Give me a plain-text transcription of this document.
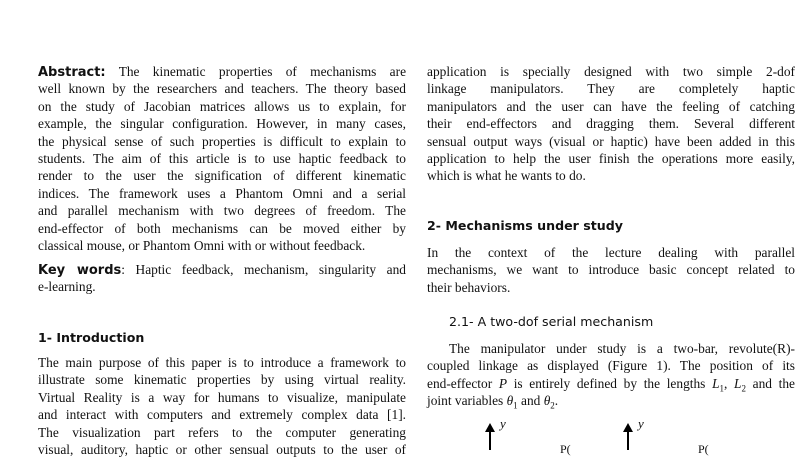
Abstract: The kinematic properties of mechanisms are
well known by the researchers and teachers. The theory based
on the study of Jacobian matrices allows us to explain, for
example, the singular configuration. However, in many cases,
the physical sense of such properties is difficult to explain to
students. The aim of this article is to use haptic feedback to
render to the user the signification of different kinematic
indices. The framework uses a Phantom Omni and a serial
and parallel mechanism with two degrees of freedom. The
end-effector of both mechanisms can be moved either by
classical mouse, or Phantom Omni with or without feedback.
Key words: Haptic feedback, mechanism, singularity and
e-learning.
1- Introduction
The main purpose of this paper is to introduce a framework to
illustrate some kinematic properties by using virtual reality.
Virtual Reality is a way for humans to visualize, manipulate
and interact with computers and extremely complex data [1].
The visualization part refers to the computer generating
visual, auditory, haptic or other sensual outputs to the user of
application is specially designed with two simple 2-dof
linkage manipulators. They are completely haptic
manipulators and the user can have the feeling of catching
their end-effectors and dragging them. Several different
sensual output ways (visual or haptic) have been added in this
application to help the user finish the operations more easily,
which is what he wants to do.
2- Mechanisms under study
In the context of the lecture dealing with parallel
mechanisms, we want to introduce basic concept related to
their behaviors.
2.1- A two-dof serial mechanism
The manipulator under study is a two-bar, revolute(R)-
coupled linkage as displayed (Figure 1). The position of its
end-effector P is entirely defined by the lengths $L_1$, $L_2$ and the
joint variables $\theta_1$ and $\theta_2$.
y	y
P(	P(
